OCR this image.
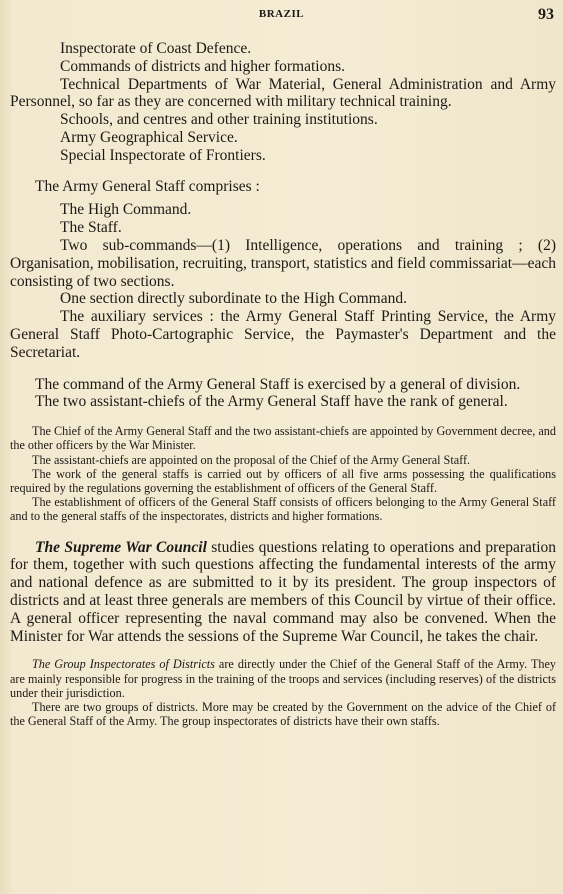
BRAZIL	93

Inspectorate of Coast Defence.

Commands of districts and higher formations.

Technical Departments of War Material, General Administration and Army Personnel, so far as they are concerned with military technical training.

Schools, and centres and other training institutions.

Army Geographical Service.

Special Inspectorate of Frontiers.

The Army General Staff comprises :

The High Command.

The Staff.

Two sub-commands—(1) Intelligence, operations and training ; (2) Organisation, mobilisation, recruiting, transport, statistics and field commissariat—each consisting of two sections.

One section directly subordinate to the High Command.

The auxiliary services : the Army General Staff Printing Service, the Army General Staff Photo-Cartographic Service, the Paymaster's Department and the Secretariat.

The command of the Army General Staff is exercised by a general of division.

The two assistant-chiefs of the Army General Staff have the rank of general.

The Chief of the Army General Staff and the two assistant-chiefs are appointed by Government decree, and the other officers by the War Minister.

The assistant-chiefs are appointed on the proposal of the Chief of the Army General Staff.

The work of the general staffs is carried out by officers of all five arms possessing the qualifications required by the regulations governing the establishment of officers of the General Staff.

The establishment of officers of the General Staff consists of officers belonging to the Army General Staff and to the general staffs of the inspectorates, districts and higher formations.

The Supreme War Council studies questions relating to operations and preparation for them, together with such questions affecting the fundamental interests of the army and national defence as are submitted to it by its president. The group inspectors of districts and at least three generals are members of this Council by virtue of their office. A general officer representing the naval command may also be convened. When the Minister for War attends the sessions of the Supreme War Council, he takes the chair.

The Group Inspectorates of Districts are directly under the Chief of the General Staff of the Army. They are mainly responsible for progress in the training of the troops and services (including reserves) of the districts under their jurisdiction.

There are two groups of districts. More may be created by the Government on the advice of the Chief of the General Staff of the Army. The group inspectorates of districts have their own staffs.
